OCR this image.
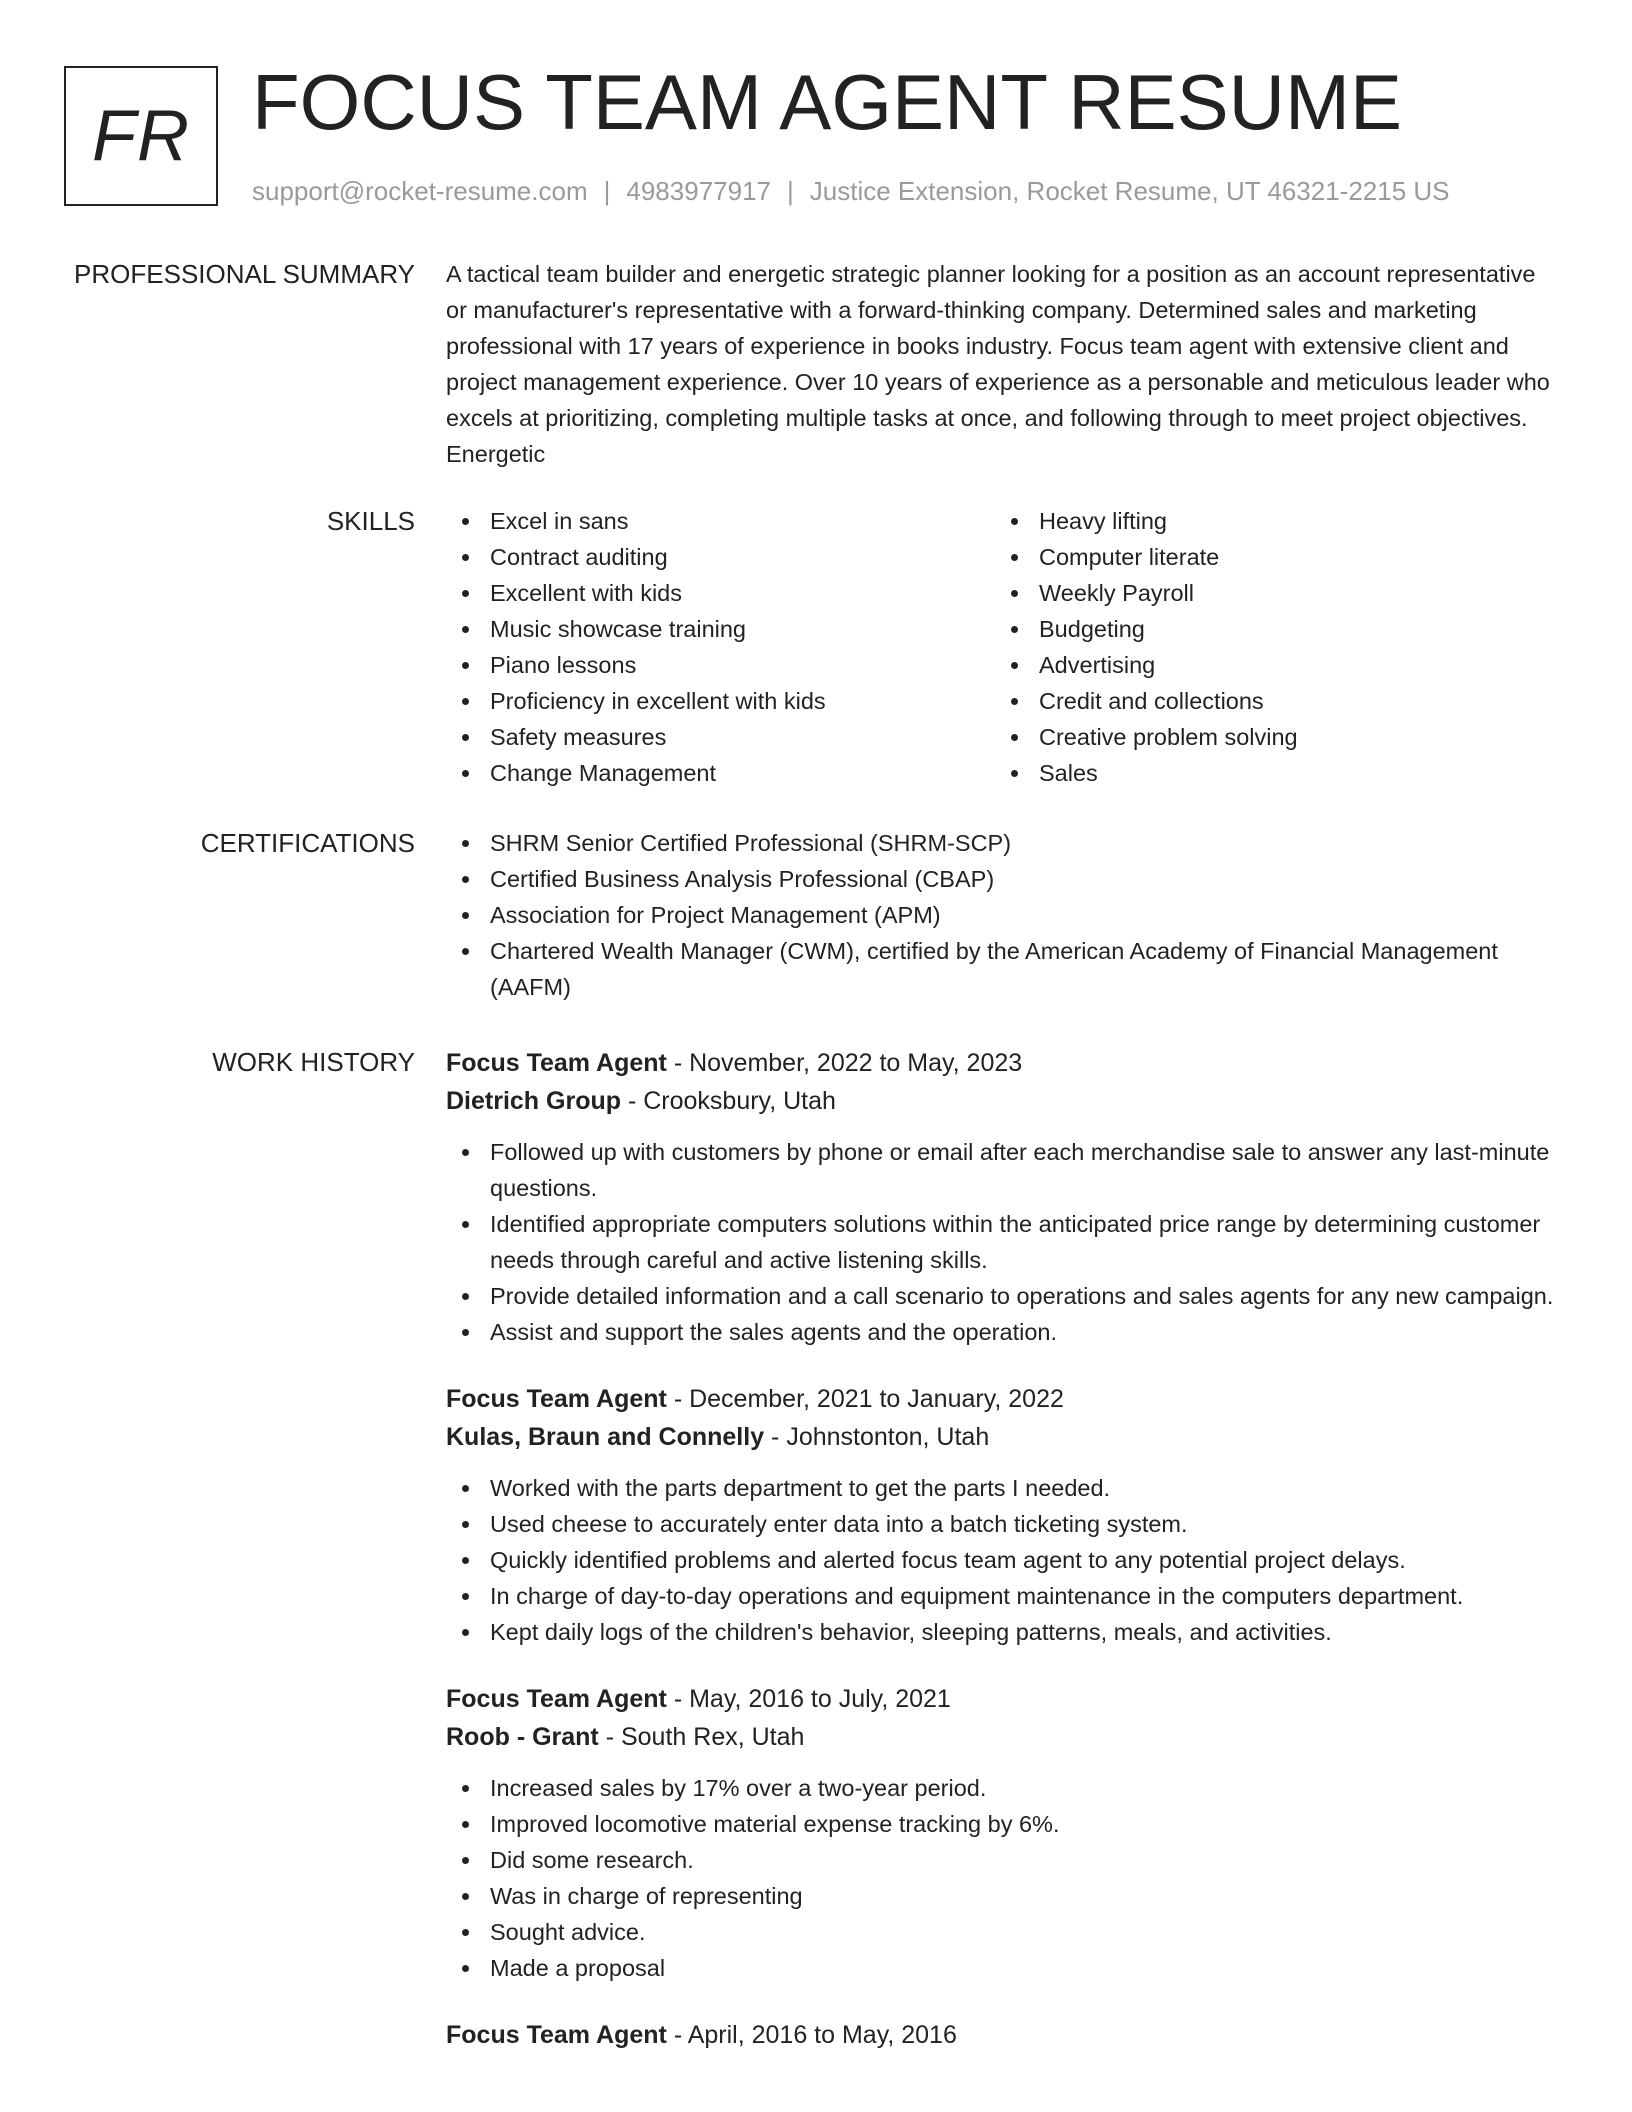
FR FOCUS TEAM AGENT RESUME
support@rocket-resume.com | 4983977917 | Justice Extension, Rocket Resume, UT 46321-2215 US
PROFESSIONAL SUMMARY A tactical team builder and energetic strategic planner looking for a position as an account representative or manufacturer's representative with a forward-thinking company. Determined sales and marketing professional with 17 years of experience in books industry. Focus team agent with extensive client and project management experience. Over 10 years of experience as a personable and meticulous leader who excels at prioritizing, completing multiple tasks at once, and following through to meet project objectives. Energetic

SKILLS	Excel in sans
Contract auditing
Excellent with kids
Music showcase training
Piano lessons
Proficiency in excellent with kids
Safety measures
Change Management
Heavy lifting
Computer literate
Weekly Payroll
Budgeting
Advertising
Credit and collections
Creative problem solving
Sales
CERTIFICATIONS	SHRM Senior Certified Professional (SHRM-SCP)
Certified Business Analysis Professional (CBAP)
Association for Project Management (APM)
Chartered Wealth Manager (CWM), certified by the American Academy of Financial Management (AAFM)
WORK HISTORY Focus Team Agent - November, 2022 to May, 2023
Dietrich Group - Crooksbury, Utah
Followed up with customers by phone or email after each merchandise sale to answer any last-minute questions.
Identified appropriate computers solutions within the anticipated price range by determining customer needs through careful and active listening skills.
Provide detailed information and a call scenario to operations and sales agents for any new campaign.
Assist and support the sales agents and the operation.
Focus Team Agent - December, 2021 to January, 2022
Kulas, Braun and Connelly - Johnstonton, Utah
Worked with the parts department to get the parts I needed.
Used cheese to accurately enter data into a batch ticketing system.
Quickly identified problems and alerted focus team agent to any potential project delays.
In charge of day-to-day operations and equipment maintenance in the computers department.
Kept daily logs of the children's behavior, sleeping patterns, meals, and activities.
Focus Team Agent - May, 2016 to July, 2021
Roob - Grant - South Rex, Utah
Increased sales by 17% over a two-year period.
Improved locomotive material expense tracking by 6%.
Did some research.
Was in charge of representing
Sought advice.
Made a proposal
Focus Team Agent - April, 2016 to May, 2016
